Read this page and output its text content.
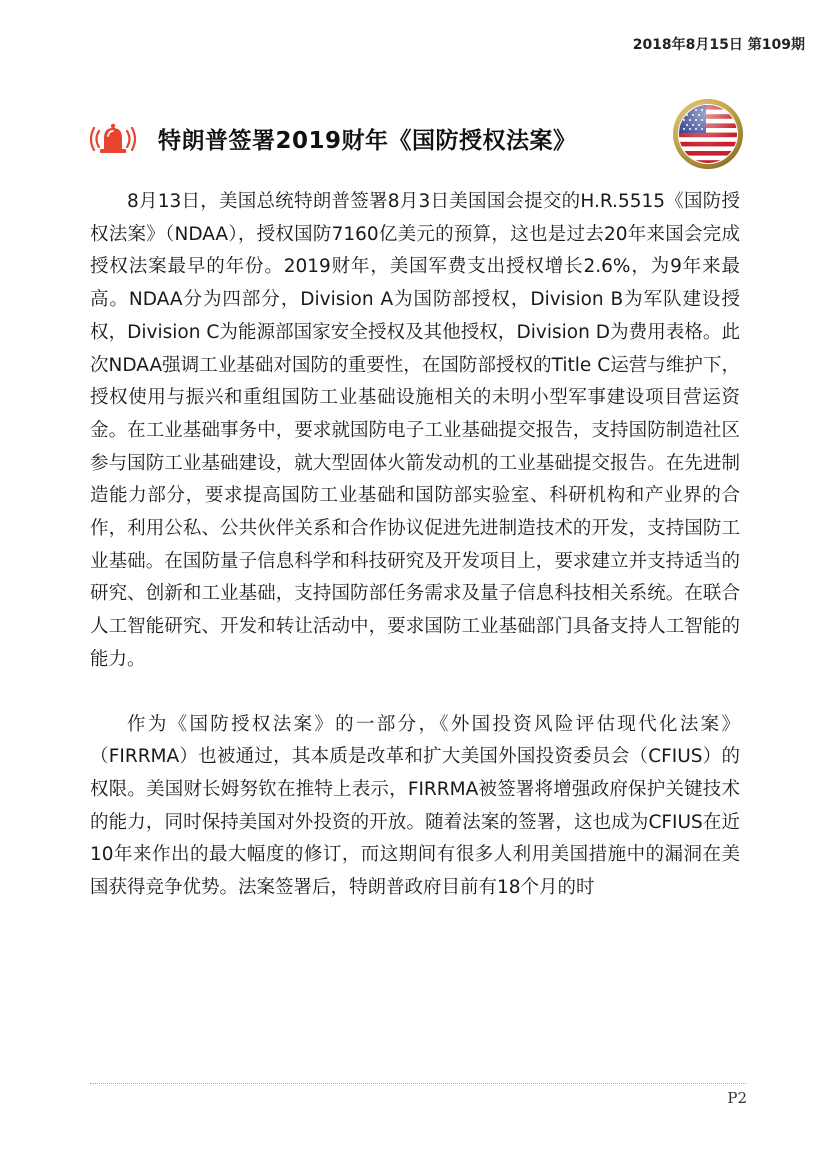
2018年8月15日 第109期
特朗普签署2019财年《国防授权法案》

8月13日，美国总统特朗普签署8月3日美国国会提交的H.R.5515《国防授权法案》（NDAA），授权国防7160亿美元的预算，这也是过去20年来国会完成授权法案最早的年份。2019财年，美国军费支出授权增长2.6%，为9年来最高。NDAA分为四部分，Division A为国防部授权，Division B为军队建设授权，Division C为能源部国家安全授权及其他授权，Division D为费用表格。此次NDAA强调工业基础对国防的重要性，在国防部授权的Title C运营与维护下，授权使用与振兴和重组国防工业基础设施相关的未明小型军事建设项目营运资金。在工业基础事务中，要求就国防电子工业基础提交报告，支持国防制造社区参与国防工业基础建设，就大型固体火箭发动机的工业基础提交报告。在先进制造能力部分，要求提高国防工业基础和国防部实验室、科研机构和产业界的合作，利用公私、公共伙伴关系和合作协议促进先进制造技术的开发，支持国防工业基础。在国防量子信息科学和科技研究及开发项目上，要求建立并支持适当的研究、创新和工业基础，支持国防部任务需求及量子信息科技相关系统。在联合人工智能研究、开发和转让活动中，要求国防工业基础部门具备支持人工智能的能力。

作为《国防授权法案》的一部分，《外国投资风险评估现代化法案》（FIRRMA）也被通过，其本质是改革和扩大美国外国投资委员会（CFIUS）的权限。美国财长姆努钦在推特上表示，FIRRMA被签署将增强政府保护关键技术的能力，同时保持美国对外投资的开放。随着法案的签署，这也成为CFIUS在近10年来作出的最大幅度的修订，而这期间有很多人利用美国措施中的漏洞在美国获得竞争优势。法案签署后，特朗普政府目前有18个月的时

P2
